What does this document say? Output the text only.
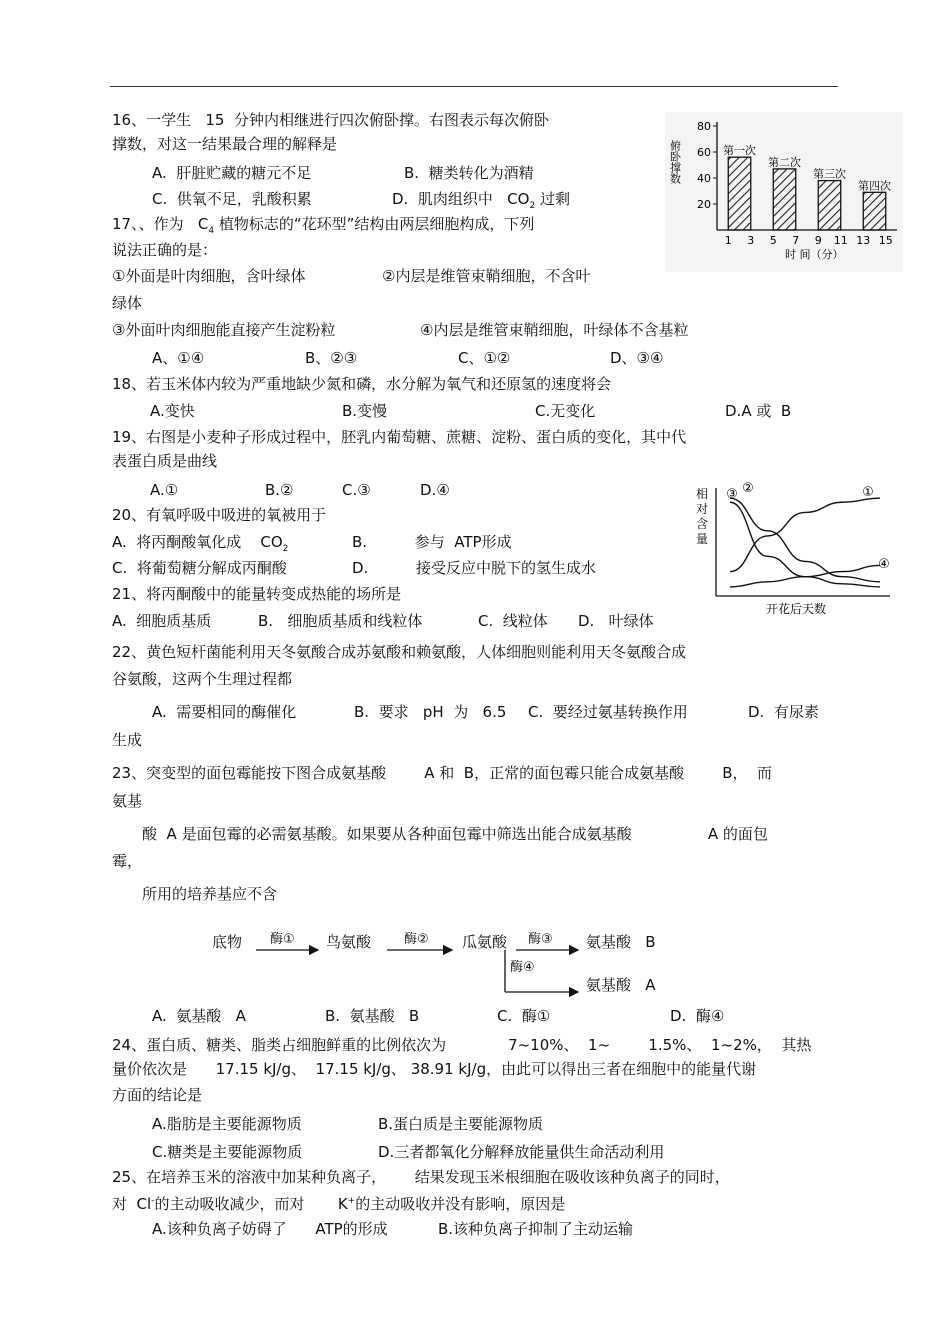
16、一学生   15  分钟内相继进行四次俯卧撑。右图表示每次俯卧
撑数，对这一结果最合理的解释是
A.  肝脏贮藏的糖元不足	B.  糖类转化为酒精
C.  供氧不足，乳酸积累	D.  肌肉组织中   $CO_2$ 过剩
俯卧撑数
20
40
60
80
1 3 5 7 9 11 13 15
第一次
第二次
第三次
第四次
时 间（分）
17、、作为   $C_4$ 植物标志的“花环型”结构由两层细胞构成，下列
说法正确的是：
①外面是叶肉细胞，含叶绿体	②内层是维管束鞘细胞，不含叶
绿体
③外面叶肉细胞能直接产生淀粉粒	④内层是维管束鞘细胞，叶绿体不含基粒
A、①④	B、②③	C、①②	D、③④
18、若玉米体内较为严重地缺少氮和磷，水分解为氧气和还原氢的速度将会
A.变快	B.变慢	C.无变化	D.A 或  B
19、右图是小麦种子形成过程中，胚乳内葡萄糖、蔗糖、淀粉、蛋白质的变化，其中代
表蛋白质是曲线
A.①	B.②	C.③	D.④	相
对
含
量
①
②
③
④
开花后天数
20、有氧呼吸中吸进的氧被用于
A.  将丙酮酸氧化成    $CO_2$	B.          参与  ATP形成
C.  将葡萄糖分解成丙酮酸	D.          接受反应中脱下的氢生成水
21、将丙酮酸中的能量转变成热能的场所是
A.  细胞质基质	B.   细胞质基质和线粒体	C.  线粒体 D.   叶绿体
22、黄色短杆菌能利用天冬氨酸合成苏氨酸和赖氨酸，人体细胞则能利用天冬氨酸合成
谷氨酸，这两个生理过程都
A.  需要相同的酶催化	B.  要求   pH  为   6.5 C.  要经过氨基转换作用	D.  有尿素
生成
23、突变型的面包霉能按下图合成氨基酸        A 和  B，正常的面包霉只能合成氨基酸        B，  而
氨基
酸  A 是面包霉的必需氨基酸。如果要从各种面包霉中筛选出能合成氨基酸                A 的面包
霉，
所用的培养基应不含
底物 酶① 鸟氨酸	酶② 瓜氨酸 酶③ 氨基酸   B
酶④
氨基酸   A
A.  氨基酸   A	B.  氨基酸   B	C.  酶①	D.  酶④
24、蛋白质、糖类、脂类占细胞鲜重的比例依次为             7~10%、  1~        1.5%、  1~2%，  其热
量价依次是      17.15 kJ/g、  17.15 kJ/g、 38.91 kJ/g，由此可以得出三者在细胞中的能量代谢
方面的结论是
A.脂肪是主要能源物质	B.蛋白质是主要能源物质
C.糖类是主要能源物质	D.三者都氧化分解释放能量供生命活动利用
25、在培养玉米的溶液中加某种负离子，      结果发现玉米根细胞在吸收该种负离子的同时，
对  Cl-的主动吸收减少，而对       K+的主动吸收并没有影响，原因是
A.该种负离子妨碍了      ATP的形成	B.该种负离子抑制了主动运输
